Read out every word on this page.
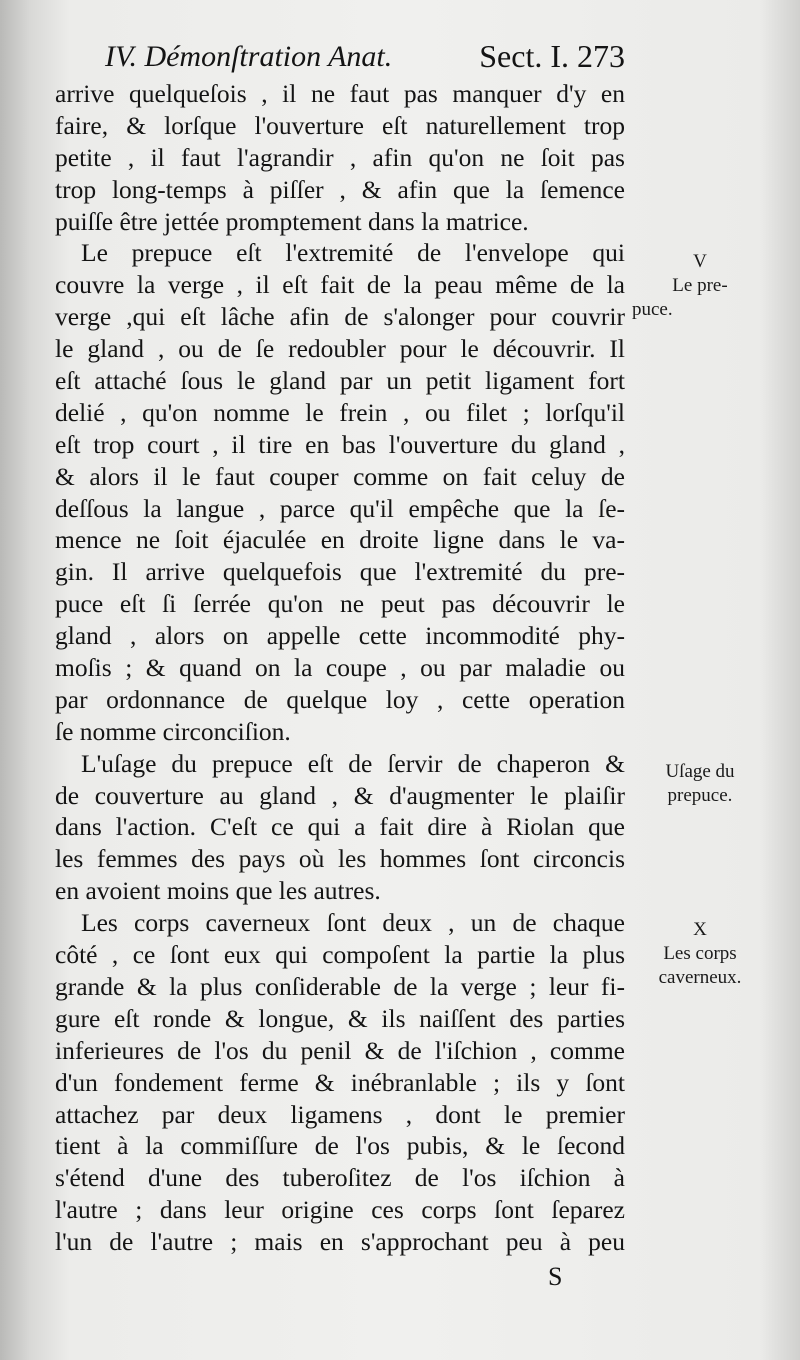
IV. Démonſtration Anat.	Sect. I. 273
arrive quelqueſois , il ne faut pas manquer d'y en
faire, & lorſque l'ouverture eſt naturellement trop
petite , il faut l'agrandir , afin qu'on ne ſoit pas
trop long-temps à piſſer , & afin que la ſemence
puiſſe être jettée promptement dans la matrice.
Le prepuce eſt l'extremité de l'envelope qui
couvre la verge , il eſt fait de la peau même de la
verge ,qui eſt lâche afin de s'alonger pour couvrir
le gland , ou de ſe redoubler pour le découvrir. Il
eſt attaché ſous le gland par un petit ligament fort
delié , qu'on nomme le frein , ou filet ; lorſqu'il
eſt trop court , il tire en bas l'ouverture du gland ,
& alors il le faut couper comme on fait celuy de
deſſous la langue , parce qu'il empêche que la ſe-
mence ne ſoit éjaculée en droite ligne dans le va-
gin. Il arrive quelquefois que l'extremité du pre-
puce eſt ſi ſerrée qu'on ne peut pas découvrir le
gland , alors on appelle cette incommodité phy-
moſis ; & quand on la coupe , ou par maladie ou
par ordonnance de quelque loy , cette operation
ſe nomme circonciſion.
L'uſage du prepuce eſt de ſervir de chaperon &
de couverture au gland , & d'augmenter le plaiſir
dans l'action. C'eſt ce qui a fait dire à Riolan que
les femmes des pays où les hommes ſont circoncis
en avoient moins que les autres.
Les corps caverneux ſont deux , un de chaque
côté , ce ſont eux qui compoſent la partie la plus
grande & la plus conſiderable de la verge ; leur fi-
gure eſt ronde & longue, & ils naiſſent des parties
inferieures de l'os du penil & de l'iſchion , comme
d'un fondement ferme & inébranlable ; ils y ſont
attachez par deux ligamens , dont le premier
tient à la commiſſure de l'os pubis, & le ſecond
s'étend d'une des tuberoſitez de l'os iſchion à
l'autre ; dans leur origine ces corps ſont ſeparez
l'un de l'autre ; mais en s'approchant peu à peu
V
Le pre-
puce.
Uſage du
prepuce.
X
Les corps
caverneux.
S
